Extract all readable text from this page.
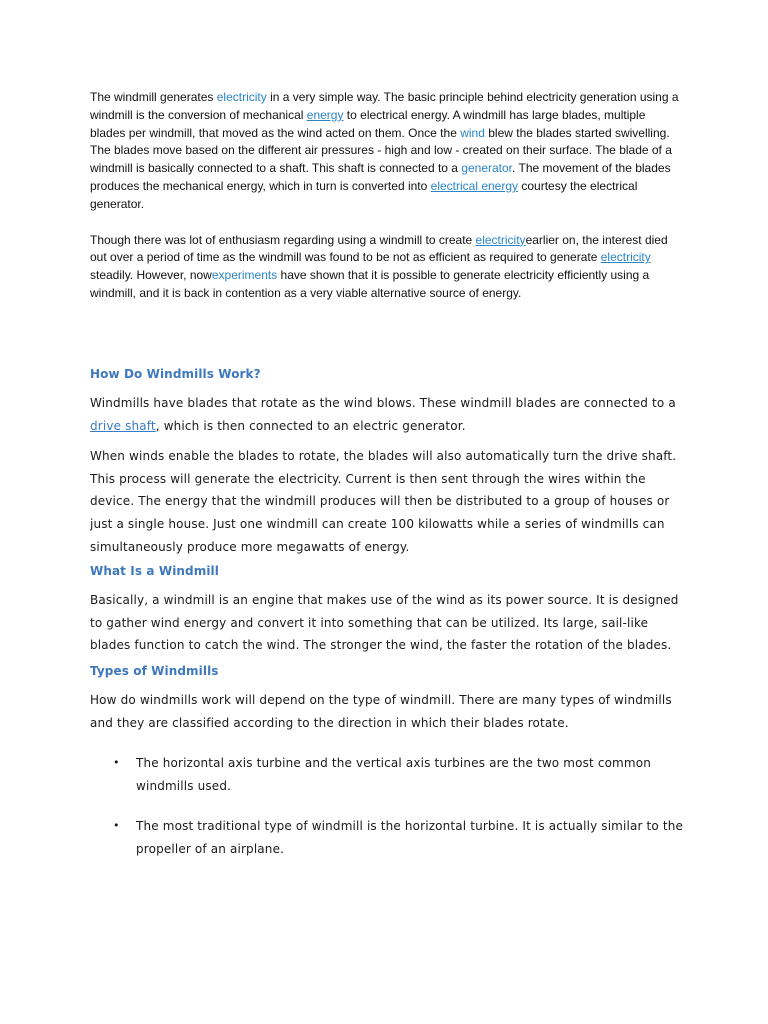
The windmill generates electricity in a very simple way. The basic principle behind electricity generation using a windmill is the conversion of mechanical energy to electrical energy. A windmill has large blades, multiple blades per windmill, that moved as the wind acted on them. Once the wind blew the blades started swivelling. The blades move based on the different air pressures - high and low - created on their surface. The blade of a windmill is basically connected to a shaft. This shaft is connected to a generator. The movement of the blades produces the mechanical energy, which in turn is converted into electrical energy courtesy the electrical generator.

Though there was lot of enthusiasm regarding using a windmill to create electricityearlier on, the interest died out over a period of time as the windmill was found to be not as efficient as required to generate electricity steadily. However, nowexperiments have shown that it is possible to generate electricity efficiently using a windmill, and it is back in contention as a very viable alternative source of energy.

How Do Windmills Work?

Windmills have blades that rotate as the wind blows. These windmill blades are connected to a drive shaft, which is then connected to an electric generator.

When winds enable the blades to rotate, the blades will also automatically turn the drive shaft. This process will generate the electricity. Current is then sent through the wires within the device. The energy that the windmill produces will then be distributed to a group of houses or just a single house. Just one windmill can create 100 kilowatts while a series of windmills can simultaneously produce more megawatts of energy.

What Is a Windmill

Basically, a windmill is an engine that makes use of the wind as its power source. It is designed to gather wind energy and convert it into something that can be utilized. Its large, sail-like blades function to catch the wind. The stronger the wind, the faster the rotation of the blades.

Types of Windmills

How do windmills work will depend on the type of windmill. There are many types of windmills and they are classified according to the direction in which their blades rotate.

• The horizontal axis turbine and the vertical axis turbines are the two most common windmills used.
• The most traditional type of windmill is the horizontal turbine. It is actually similar to the propeller of an airplane.
